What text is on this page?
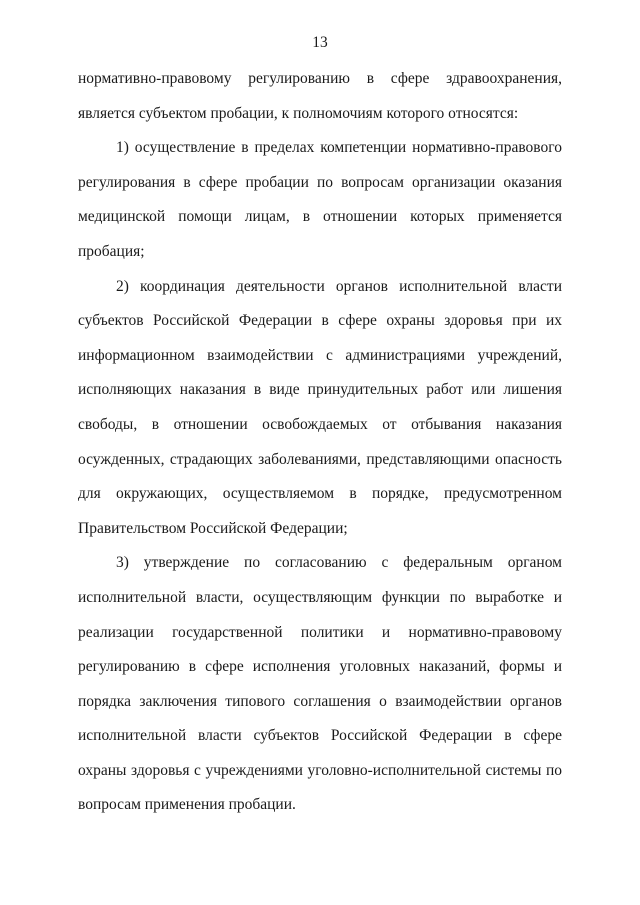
13

нормативно-правовому регулированию в сфере здравоохранения, является субъектом пробации, к полномочиям которого относятся:

1) осуществление в пределах компетенции нормативно-правового регулирования в сфере пробации по вопросам организации оказания медицинской помощи лицам, в отношении которых применяется пробация;

2) координация деятельности органов исполнительной власти субъектов Российской Федерации в сфере охраны здоровья при их информационном взаимодействии с администрациями учреждений, исполняющих наказания в виде принудительных работ или лишения свободы, в отношении освобождаемых от отбывания наказания осужденных, страдающих заболеваниями, представляющими опасность для окружающих, осуществляемом в порядке, предусмотренном Правительством Российской Федерации;

3) утверждение по согласованию с федеральным органом исполнительной власти, осуществляющим функции по выработке и реализации государственной политики и нормативно-правовому регулированию в сфере исполнения уголовных наказаний, формы и порядка заключения типового соглашения о взаимодействии органов исполнительной власти субъектов Российской Федерации в сфере охраны здоровья с учреждениями уголовно-исполнительной системы по вопросам применения пробации.
